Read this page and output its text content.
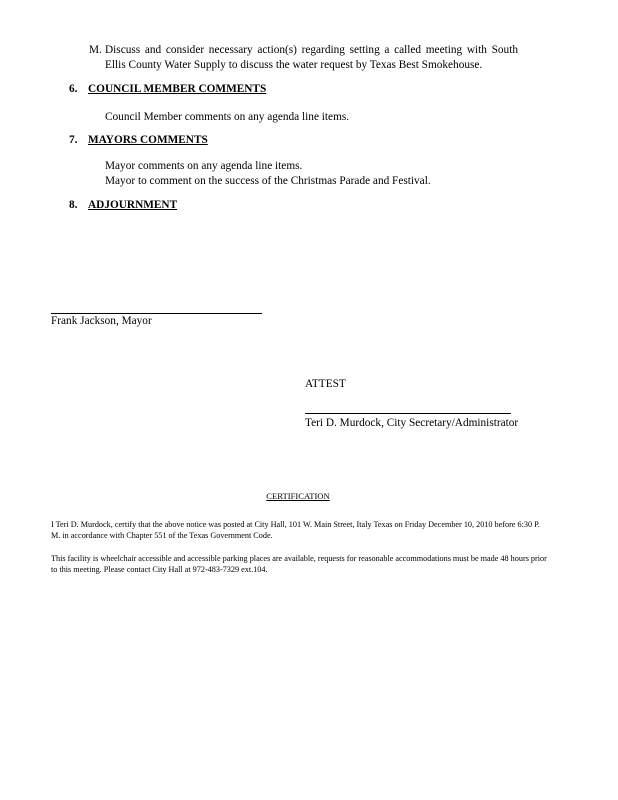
M. Discuss and consider necessary action(s) regarding setting a called meeting with South Ellis County Water Supply to discuss the water request by Texas Best Smokehouse.
6. COUNCIL MEMBER COMMENTS
Council Member comments on any agenda line items.
7. MAYORS COMMENTS
Mayor comments on any agenda line items.
Mayor to comment on the success of the Christmas Parade and Festival.
8. ADJOURNMENT
Frank Jackson, Mayor
ATTEST
Teri D. Murdock, City Secretary/Administrator
CERTIFICATION
I Teri D. Murdock, certify that the above notice was posted at City Hall, 101 W. Main Street, Italy Texas on Friday December 10, 2010 before 6:30 P. M. in accordance with Chapter 551 of the Texas Government Code.
This facility is wheelchair accessible and accessible parking places are available, requests for reasonable accommodations must be made 48 hours prior to this meeting. Please contact City Hall at 972-483-7329 ext.104.
